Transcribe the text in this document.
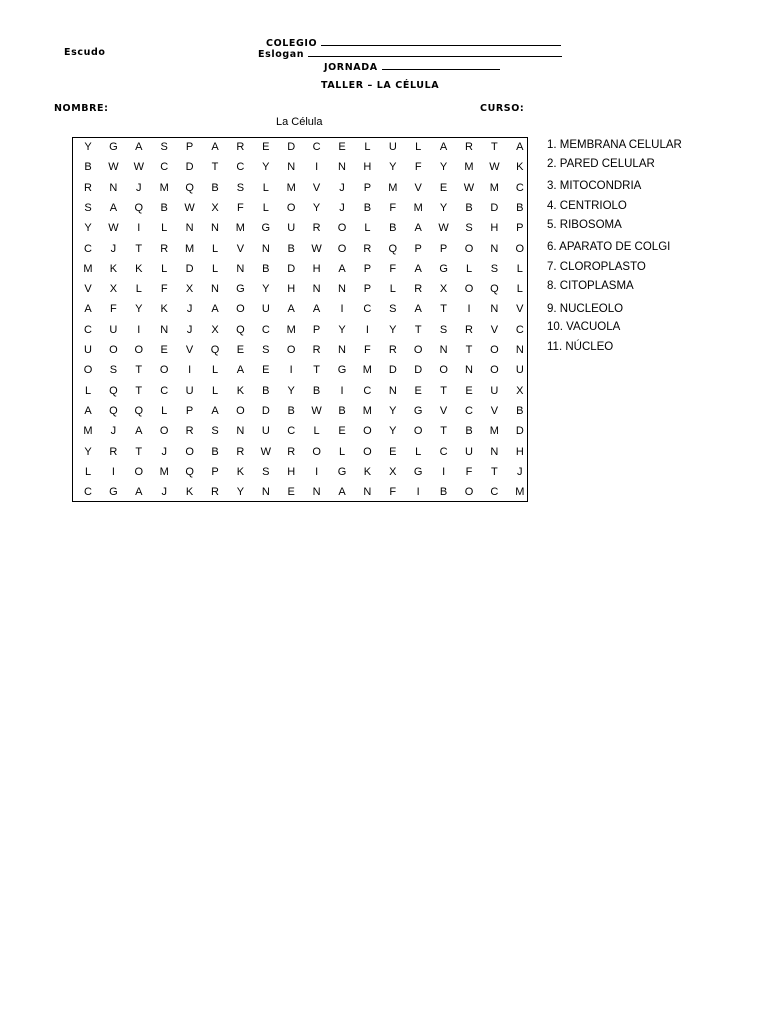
COLEGIO
Escudo	Eslogan
JORNADA
TALLER – LA CÉLULA
NOMBRE:	CURSO:
La Célula
Y	G	A	S	P	A	R	E	D	C	E	L	U	L	A	R	T	A
B	W	W	C	D	T	C	Y	N	I	N	H	Y	F	Y	M	W	K
R	N	J	M	Q	B	S	L	M	V	J	P	M	V	E	W	M	C
S	A	Q	B	W	X	F	L	O	Y	J	B	F	M	Y	B	D	B
Y	W	I	L	N	N	M	G	U	R	O	L	B	A	W	S	H	P
C	J	T	R	M	L	V	N	B	W	O	R	Q	P	P	O	N	O
M	K	K	L	D	L	N	B	D	H	A	P	F	A	G	L	S	L
V	X	L	F	X	N	G	Y	H	N	N	P	L	R	X	O	Q	L
A	F	Y	K	J	A	O	U	A	A	I	C	S	A	T	I	N	V
C	U	I	N	J	X	Q	C	M	P	Y	I	Y	T	S	R	V	C
U	O	O	E	V	Q	E	S	O	R	N	F	R	O	N	T	O	N
O	S	T	O	I	L	A	E	I	T	G	M	D	D	O	N	O	U
L	Q	T	C	U	L	K	B	Y	B	I	C	N	E	T	E	U	X
A	Q	Q	L	P	A	O	D	B	W	B	M	Y	G	V	C	V	B
M	J	A	O	R	S	N	U	C	L	E	O	Y	O	T	B	M	D
Y	R	T	J	O	B	R	W	R	O	L	O	E	L	C	U	N	H
L	I	O	M	Q	P	K	S	H	I	G	K	X	G	I	F	T	J
C	G	A	J	K	R	Y	N	E	N	A	N	F	I	B	O	C	M
1. MEMBRANA CELULAR
2. PARED CELULAR
3. MITOCONDRIA
4. CENTRIOLO
5. RIBOSOMA
6. APARATO DE COLGI
7. CLOROPLASTO
8. CITOPLASMA
9. NUCLEOLO
10. VACUOLA
11. NÚCLEO
